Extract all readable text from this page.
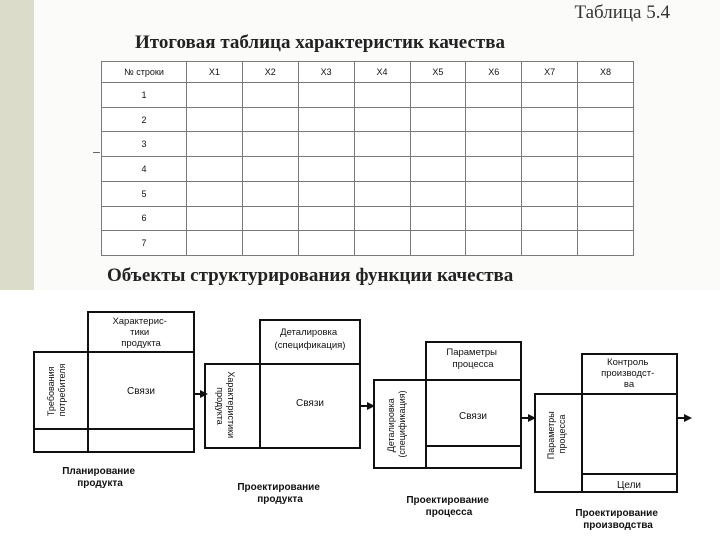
Таблица 5.4
Итоговая таблица характеристик качества
№ строки	X1	X2	X3	X4	X5	X6	X7	X8
1								
2								
3								
4								
5								
6								
7								
Объекты структурирования функции качества
Характерис- тики продукта
Требования потребителя	Связи
Планирование продукта
Деталировка (спецификация)
Характеристики продукта	Связи
Проектирование продукта
Параметры процесса
Деталировка (спецификация)	Связи
Проектирование процесса
Контроль производст- ва
Параметры процесса
Цели
Проектирование производства
